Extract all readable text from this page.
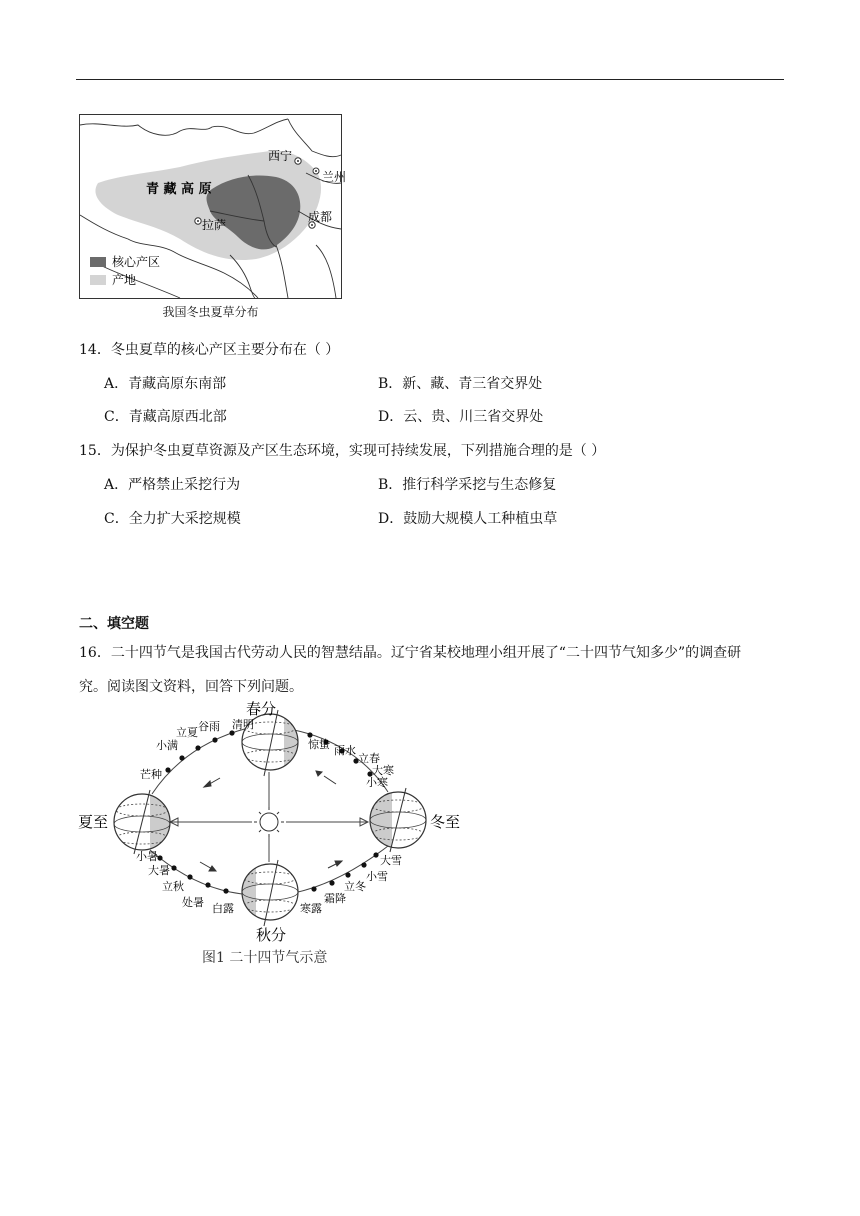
青 藏 高 原
西宁
兰州
拉萨
成都
核心产区
产地
我国冬虫夏草分布
14．冬虫夏草的核心产区主要分布在（ ）
A．青藏高原东南部	B．新、藏、青三省交界处
C．青藏高原西北部	D．云、贵、川三省交界处
15．为保护冬虫夏草资源及产区生态环境，实现可持续发展，下列措施合理的是（ ）
A．严格禁止采挖行为	B．推行科学采挖与生态修复
C．全力扩大采挖规模	D．鼓励大规模人工种植虫草
二、填空题
16．二十四节气是我国古代劳动人民的智慧结晶。辽宁省某校地理小组开展了“二十四节气知多少”的调查研
究。阅读图文资料，回答下列问题。
春分
夏至
秋分
冬至
清明
谷雨
立夏
小满
芒种
惊蛰 雨水
立春
大寒
小寒
小暑
大暑
立秋
处暑 白露	寒露
霜降
立冬
小雪
大雪
图1 二十四节气示意
